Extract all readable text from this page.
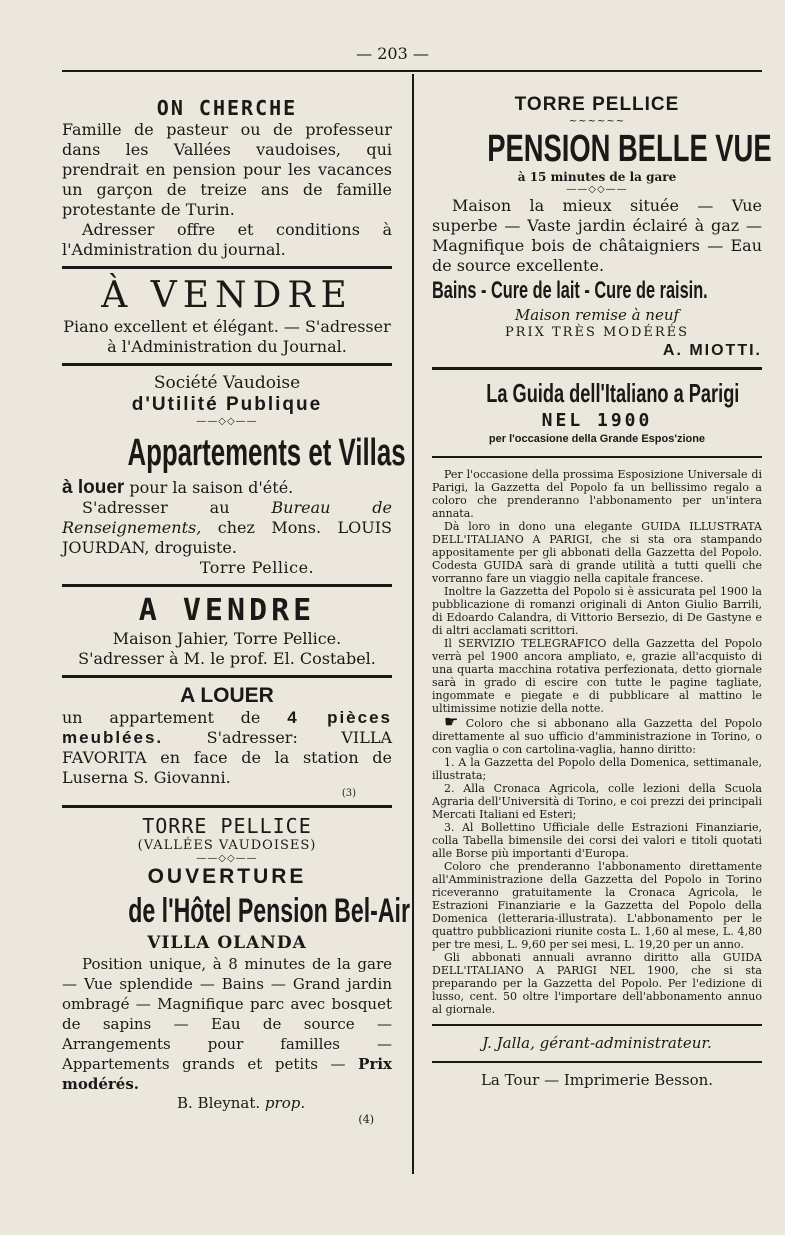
— 203 —
ON CHERCHE

Famille de pasteur ou de professeur dans les Vallées vaudoises, qui prendrait en pension pour les vacances un garçon de treize ans de famille protestante de Turin.

Adresser offre et conditions à l'Administration du journal.

À VENDRE

Piano excellent et élégant. — S'adresser à l'Administration du Journal.

Société Vaudoise
d'Utilité Publique
——◇◇——
Appartements et Villas

à louer pour la saison d'été.

S'adresser au	Bureau de Renseignements, chez Mons. LOUIS JOURDAN, droguiste.

Torre Pellice.

A VENDRE

Maison Jahier, Torre Pellice.

S'adresser à M. le prof. El. Costabel.

A LOUER

un appartement de 4 pièces meublées.	S'adresser: VILLA FAVORITA en face de la station de Luserna S. Giovanni.

(3)
TORRE PELLICE
(VALLÉES VAUDOISES)
——◇◇——
OUVERTURE
de l'Hôtel Pension Bel-Air
VILLA OLANDA

Position unique, à 8 minutes de la gare — Vue splendide — Bains — Grand jardin ombragé — Magnifique parc avec bosquet de sapins — Eau de source — Arrangements pour familles — Appartements grands et petits — Prix modérés.

B. Bleynat. prop.

(4)
TORRE PELLICE
~~~~~~
PENSION BELLE VUE
à 15 minutes de la gare
——◇◇——

Maison la mieux située — Vue superbe — Vaste jardin éclairé à gaz — Magnifique bois de châtaigniers — Eau de source excellente.

Bains - Cure de lait - Cure de raisin.
Maison remise à neuf
PRIX TRÈS MODÉRÉS
A. MIOTTI.
La Guida dell'Italiano a Parigi
NEL 1900
per l'occasione della Grande Espos'zione

Per l'occasione della prossima Esposizione Universale di Parigi, la Gazzetta del Popolo fa un bellissimo regalo a coloro che prenderanno l'abbonamento per un'intera annata.

Dà loro in dono una elegante GUIDA ILLUSTRATA DELL'ITALIANO A PARIGI, che si sta ora stampando appositamente per gli abbonati della Gazzetta del Popolo. Codesta GUIDA sarà di grande utilità a tutti quelli che vorranno fare un viaggio nella capitale francese.

Inoltre la Gazzetta del Popolo si è assicurata pel 1900 la pubblicazione di romanzi originali di Anton Giulio Barrili, di Edoardo Calandra, di Vittorio Bersezio, di De Gastyne e di altri acclamati scrittori.

Il SERVIZIO TELEGRAFICO della Gazzetta del Popolo verrà pel 1900 ancora ampliato, e, grazie all'acquisto di una quarta macchina rotativa perfezionata, detto giornale sarà in grado di escire con tutte le pagine tagliate, ingommate e piegate e di pubblicare al mattino le ultimissime notizie della notte.

☛ Coloro che si abbonano alla Gazzetta del Popolo direttamente al suo ufficio d'amministrazione in Torino, o con vaglia o con cartolina-vaglia, hanno diritto:

1. A la Gazzetta del Popolo della Domenica, settimanale, illustrata;

2. Alla Cronaca Agricola, colle lezioni della Scuola Agraria dell'Università di Torino, e coi prezzi dei principali Mercati Italiani ed Esteri;

3. Al Bollettino Ufficiale delle Estrazioni Finanziarie, colla Tabella bimensile dei corsi dei valori e titoli quotati alle Borse più importanti d'Europa.

Coloro che prenderanno l'abbonamento direttamente all'Amministrazione della Gazzetta del Popolo in Torino riceveranno gratuitamente la Cronaca Agricola, le Estrazioni Finanziarie e la Gazzetta del Popolo della Domenica (letteraria-illustrata). L'abbonamento per le quattro pubblicazioni riunite costa L. 1,60 al mese, L. 4,80 per tre mesi, L. 9,60 per sei mesi, L. 19,20 per un anno.

Gli abbonati annuali avranno diritto alla GUIDA DELL'ITALIANO A PARIGI NEL 1900, che si sta preparando per la Gazzetta del Popolo. Per l'edizione di lusso, cent. 50 oltre l'importare dell'abbonamento annuo al giornale.

J. Jalla, gérant-administrateur.
La Tour — Imprimerie Besson.
